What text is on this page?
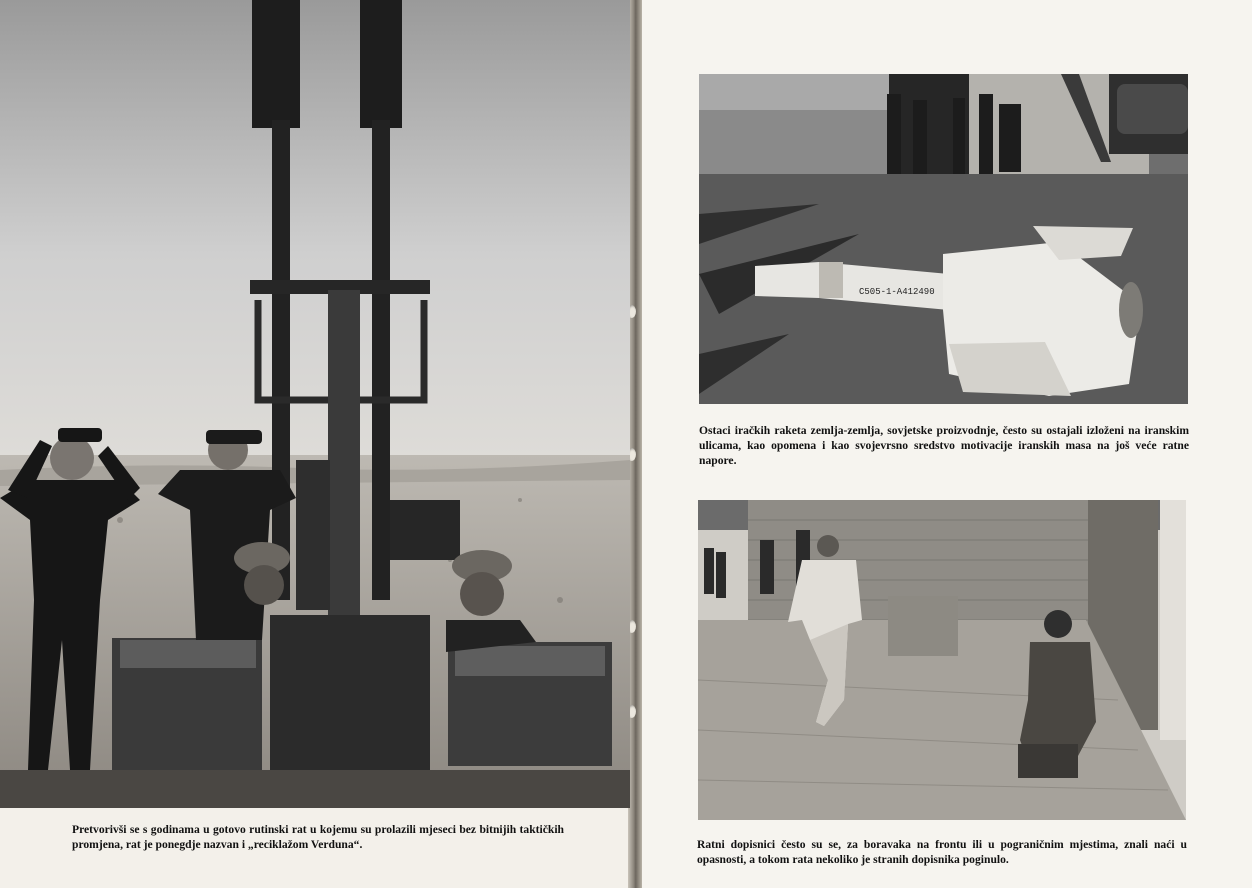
C505-1-A412490

Ostaci iračkih raketa zemlja-zemlja, sovjetske proizvodnje, često su ostajali izloženi na iranskim ulicama, kao opomena i kao svojevrsno sredstvo motivacije iranskih masa na još veće ratne napore.

Ratni dopisnici često su se, za boravaka na frontu ili u pograničnim mjestima, znali naći u opasnosti, a tokom rata nekoliko je stranih dopisnika poginulo.

Pretvorivši se s godinama u gotovo rutinski rat u kojemu su prolazili mjeseci bez bitnijih taktičkih promjena, rat je ponegdje nazvan i „reciklažom Verduna“.
